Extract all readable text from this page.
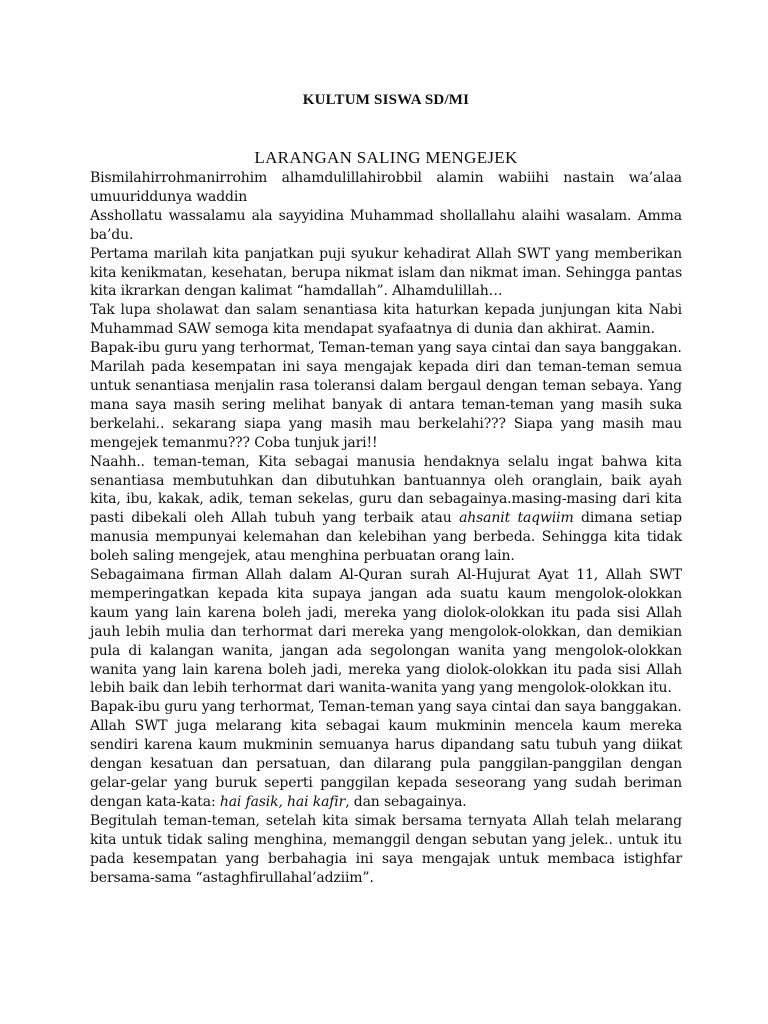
KULTUM SISWA SD/MI
LARANGAN SALING MENGEJEK

Bismilahirrohmanirrohim alhamdulillahirobbil alamin wabiihi nastain wa’alaa umuuriddunya waddin

Asshollatu wassalamu ala sayyidina Muhammad shollallahu alaihi wasalam. Amma ba’du.

Pertama marilah kita panjatkan puji syukur kehadirat Allah SWT yang memberikan kita kenikmatan, kesehatan, berupa nikmat islam dan nikmat iman. Sehingga pantas kita ikrarkan dengan kalimat “hamdallah”. Alhamdulillah…

Tak lupa sholawat dan salam senantiasa kita haturkan kepada junjungan kita Nabi Muhammad SAW semoga kita mendapat syafaatnya di dunia dan akhirat. Aamin.

Bapak-ibu guru yang terhormat, Teman-teman yang saya cintai dan saya banggakan.

Marilah pada kesempatan ini saya mengajak kepada diri dan teman-teman semua untuk senantiasa menjalin rasa toleransi dalam bergaul dengan teman sebaya. Yang mana saya masih sering melihat banyak di antara teman-teman yang masih suka berkelahi.. sekarang siapa yang masih mau berkelahi??? Siapa yang masih mau mengejek temanmu??? Coba tunjuk jari!!

Naahh.. teman-teman, Kita sebagai manusia hendaknya selalu ingat bahwa kita senantiasa membutuhkan dan dibutuhkan bantuannya oleh oranglain, baik ayah kita, ibu, kakak, adik, teman sekelas, guru dan sebagainya.masing-masing dari kita pasti dibekali oleh Allah tubuh yang terbaik atau ahsanit taqwiim dimana setiap manusia mempunyai kelemahan dan kelebihan yang berbeda. Sehingga kita tidak boleh saling mengejek, atau menghina perbuatan orang lain.

Sebagaimana firman Allah dalam Al-Quran surah Al-Hujurat Ayat 11, Allah SWT memperingatkan kepada kita supaya jangan ada suatu kaum mengolok-olokkan kaum yang lain karena boleh jadi, mereka yang diolok-olokkan itu pada sisi Allah jauh lebih mulia dan terhormat dari mereka yang mengolok-olokkan, dan demikian pula di kalangan wanita, jangan ada segolongan wanita yang mengolok-olokkan wanita yang lain karena boleh jadi, mereka yang diolok-olokkan itu pada sisi Allah lebih baik dan lebih terhormat dari wanita-wanita yang yang mengolok-olokkan itu.

Bapak-ibu guru yang terhormat, Teman-teman yang saya cintai dan saya banggakan.

Allah SWT juga melarang kita sebagai kaum mukminin mencela kaum mereka sendiri karena kaum mukminin semuanya harus dipandang satu tubuh yang diikat dengan kesatuan dan persatuan, dan dilarang pula panggilan-panggilan dengan gelar-gelar yang buruk seperti panggilan kepada seseorang yang sudah beriman dengan kata-kata: hai fasik, hai kafir, dan sebagainya.

Begitulah teman-teman, setelah kita simak bersama ternyata Allah telah melarang kita untuk tidak saling menghina, memanggil dengan sebutan yang jelek.. untuk itu pada kesempatan yang berbahagia ini saya mengajak untuk membaca istighfar bersama-sama “astaghfirullahal’adziim”.
